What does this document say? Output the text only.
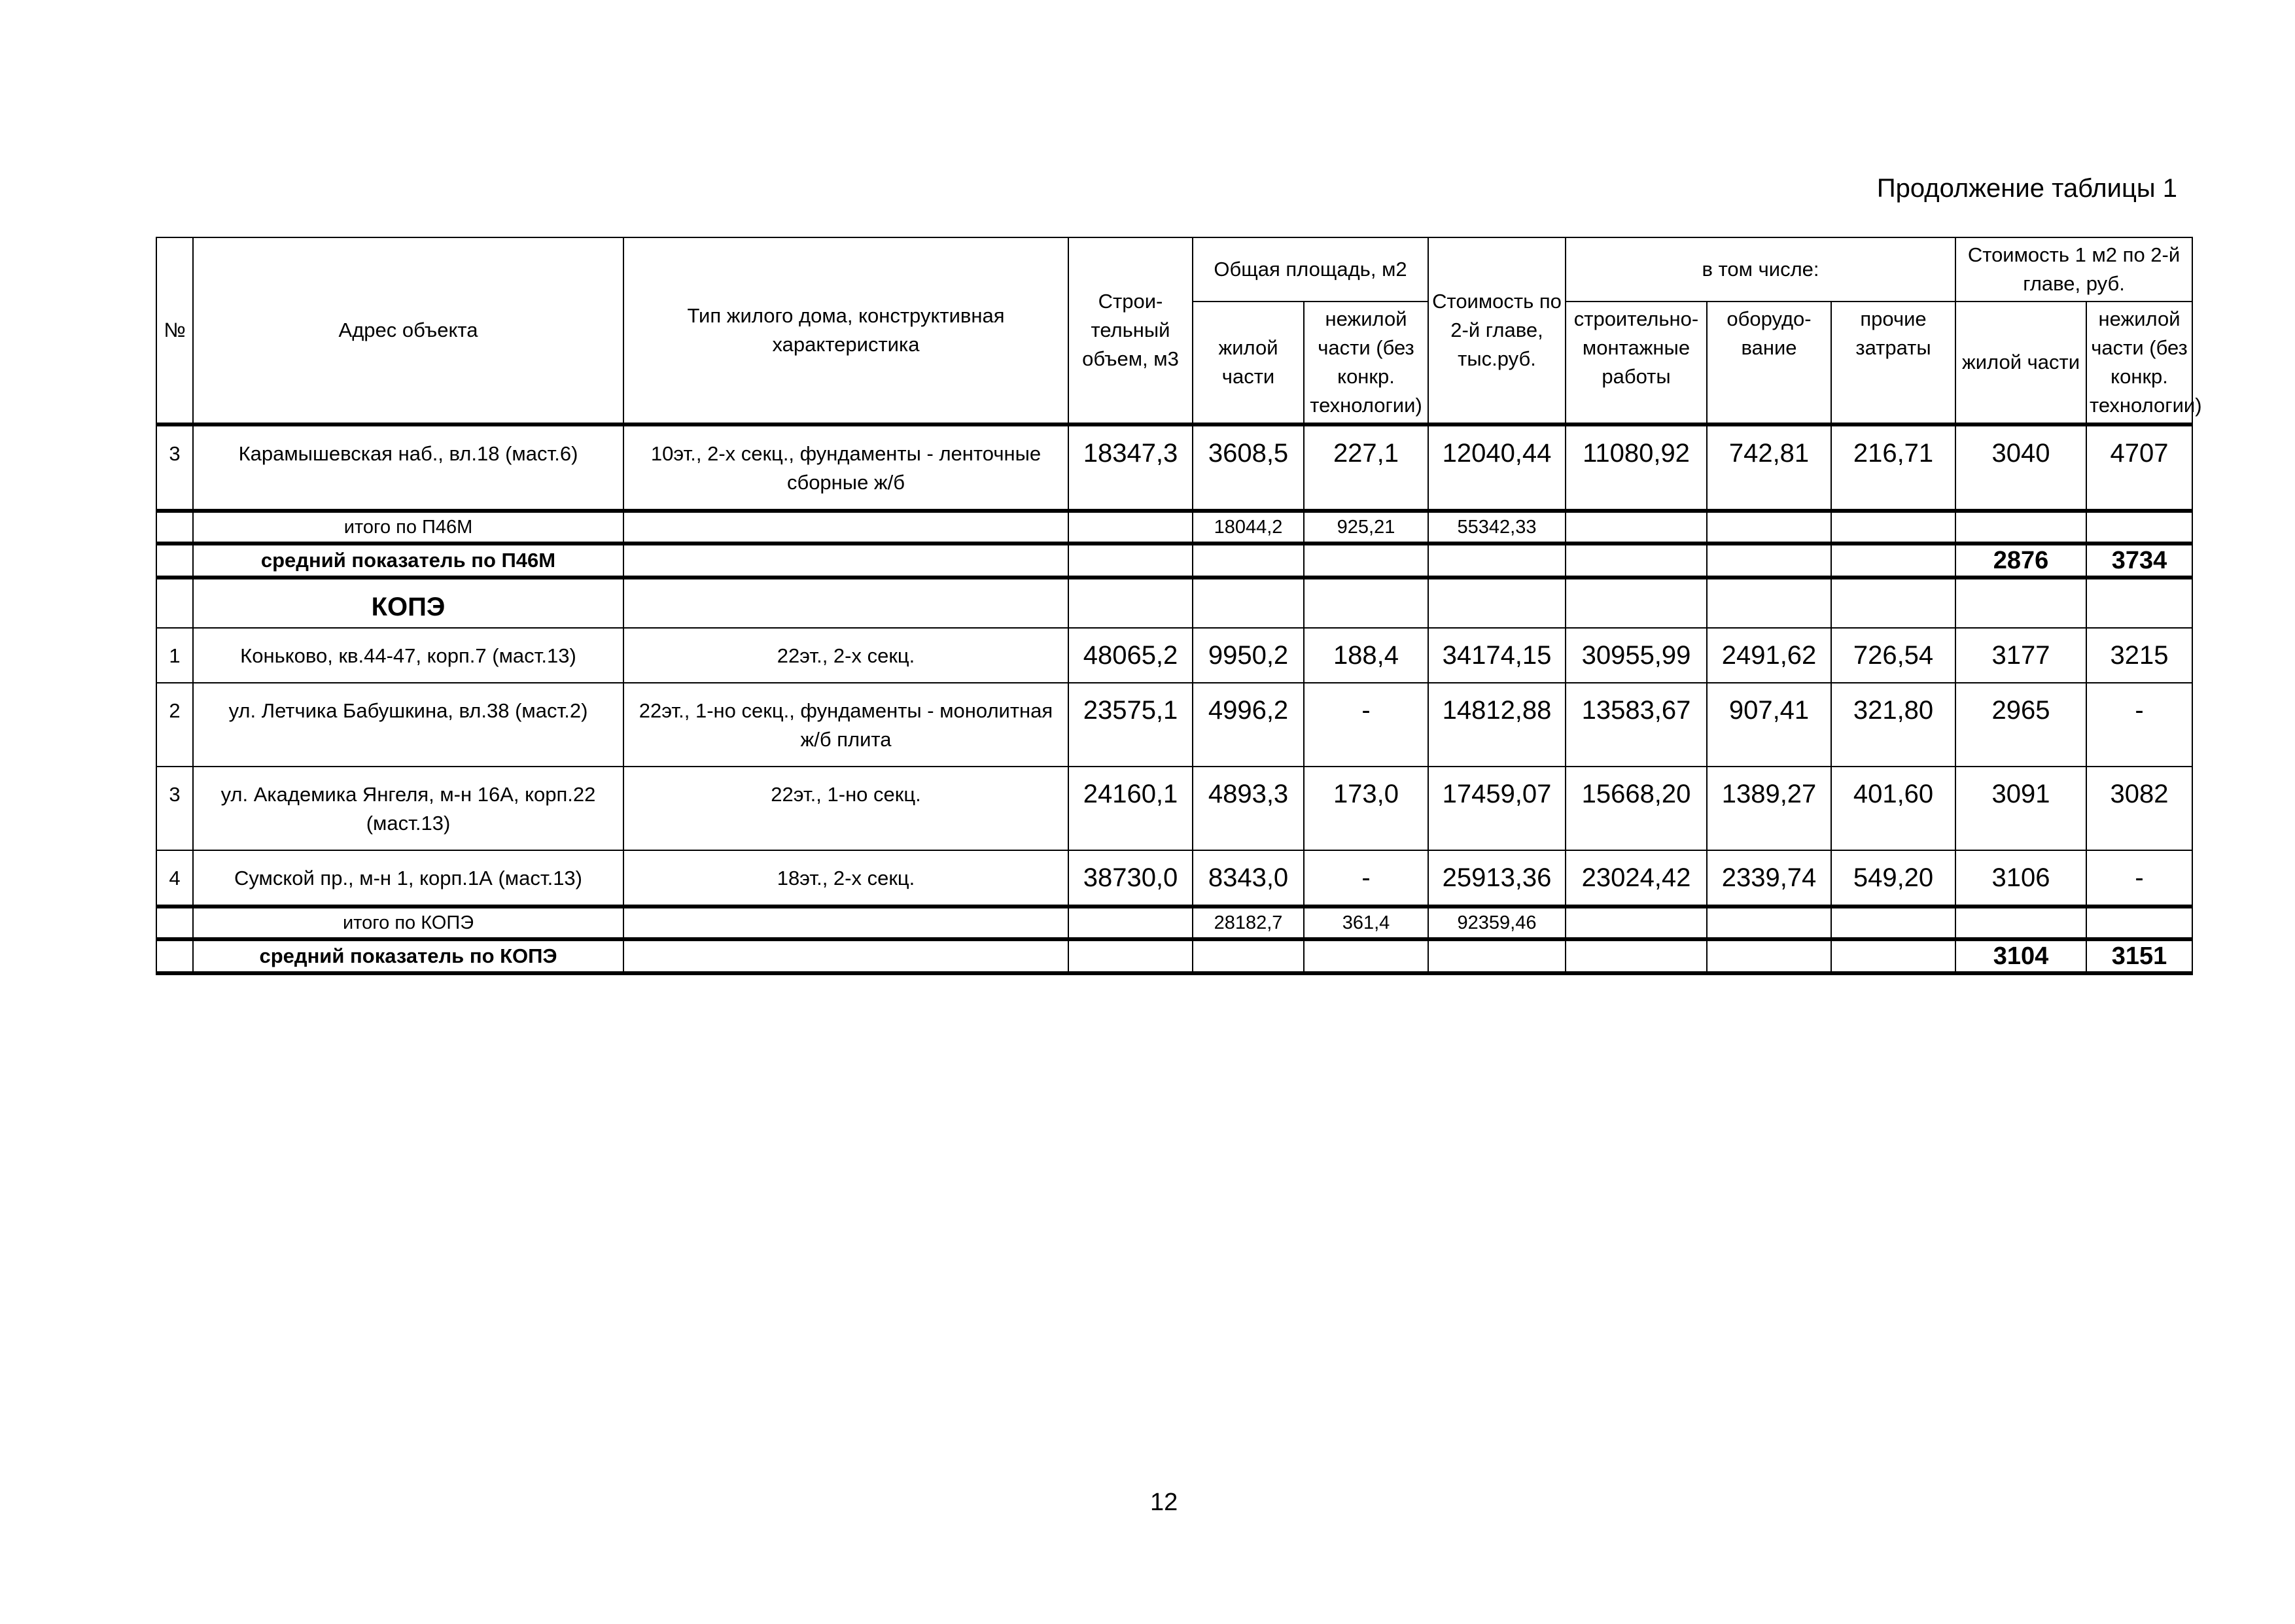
Продолжение таблицы 1
№	Адрес объекта	Тип жилого дома, конструктивная характеристика	Строи- тельный объем, м3	Общая площадь, м2		Стоимость по 2-й главе, тыс.руб.	в том числе:			Стоимость 1 м2 по 2-й главе, руб.	
				жилой части	нежилой части (без конкр. технологии)		строительно- монтажные работы	оборудо- вание	прочие затраты	жилой части	нежилой части (без конкр. технологии)
3	Карамышевская наб., вл.18 (маст.6)	10эт., 2-х секц., фундаменты - ленточные сборные ж/б	18347,3	3608,5	227,1	12040,44	11080,92	742,81	216,71	3040	4707
	итого по П46М			18044,2	925,21	55342,33					
	средний показатель по П46М									2876	3734
	КОПЭ										
1	Коньково, кв.44-47, корп.7 (маст.13)	22эт., 2-х секц.	48065,2	9950,2	188,4	34174,15	30955,99	2491,62	726,54	3177	3215
2	ул. Летчика Бабушкина, вл.38 (маст.2)	22эт., 1-но секц., фундаменты - монолитная ж/б плита	23575,1	4996,2	-	14812,88	13583,67	907,41	321,80	2965	-
3	ул. Академика Янгеля, м-н 16А, корп.22 (маст.13)	22эт., 1-но секц.	24160,1	4893,3	173,0	17459,07	15668,20	1389,27	401,60	3091	3082
4	Сумской пр., м-н 1, корп.1А (маст.13)	18эт., 2-х секц.	38730,0	8343,0	-	25913,36	23024,42	2339,74	549,20	3106	-
	итого по КОПЭ			28182,7	361,4	92359,46					
	средний показатель по КОПЭ									3104	3151
12
